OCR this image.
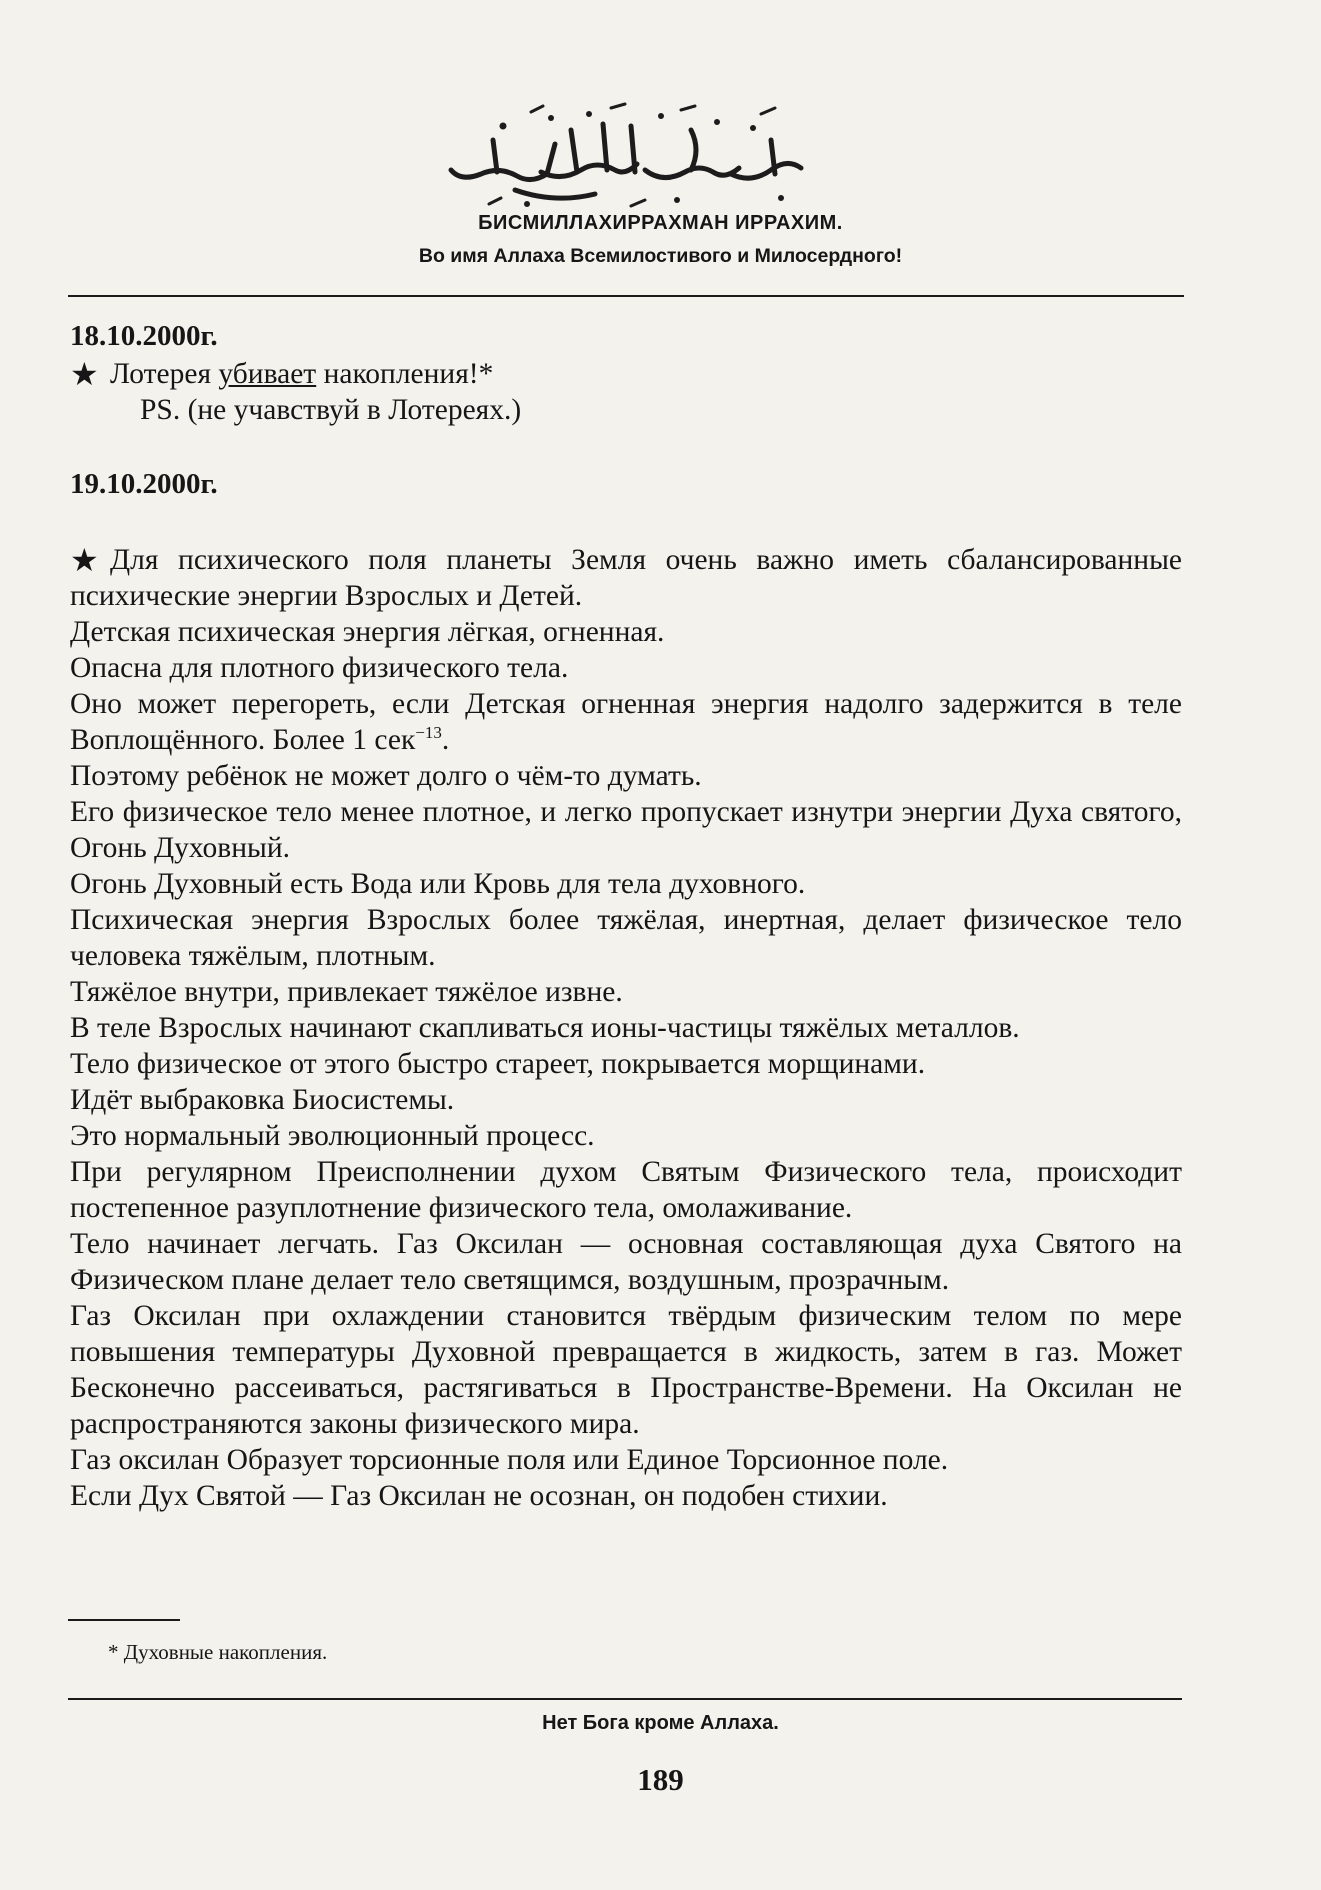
بِسْمِ اللَّهِ الرَّحْمَنِ الرَّحِيمِ
БИСМИЛЛАХИРРАХМАН ИРРАХИМ.
Во имя Аллаха Всемилостивого и Милосердного!
18.10.2000г.
★ Лотерея убивает накопления!*
PS. (не учавствуй в Лотереях.)
19.10.2000г.
★ Для психического поля планеты Земля очень важно иметь сбалансированные психические энергии Взрослых и Детей.
Детская психическая энергия лёгкая, огненная.
Опасна для плотного физического тела.
Оно может перегореть, если Детская огненная энергия надолго задержится в теле Воплощённого. Более 1 сек$^{-13}$.
Поэтому ребёнок не может долго о чём-то думать.
Его физическое тело менее плотное, и легко пропускает изнутри энергии Духа святого, Огонь Духовный.
Огонь Духовный есть Вода или Кровь для тела духовного.
Психическая энергия Взрослых более тяжёлая, инертная, делает физическое тело человека тяжёлым, плотным.
Тяжёлое внутри, привлекает тяжёлое извне.
В теле Взрослых начинают скапливаться ионы-частицы тяжёлых металлов.
Тело физическое от этого быстро стареет, покрывается морщинами.
Идёт выбраковка Биосистемы.
Это нормальный эволюционный процесс.
При регулярном Преисполнении духом Святым Физического тела, происходит постепенное разуплотнение физического тела, омолаживание.
Тело начинает легчать. Газ Оксилан — основная составляющая духа Святого на Физическом плане делает тело светящимся, воздушным, прозрачным.
Газ Оксилан при охлаждении становится твёрдым физическим телом по мере повышения температуры Духовной превращается в жидкость, затем в газ. Может Бесконечно рассеиваться, растягиваться в Пространстве-Времени. На Оксилан не распространяются законы физического мира.
Газ оксилан Образует торсионные поля или Единое Торсионное поле.
Если Дух Святой — Газ Оксилан не осознан, он подобен стихии.
* Духовные накопления.
Нет Бога кроме Аллаха.
189
